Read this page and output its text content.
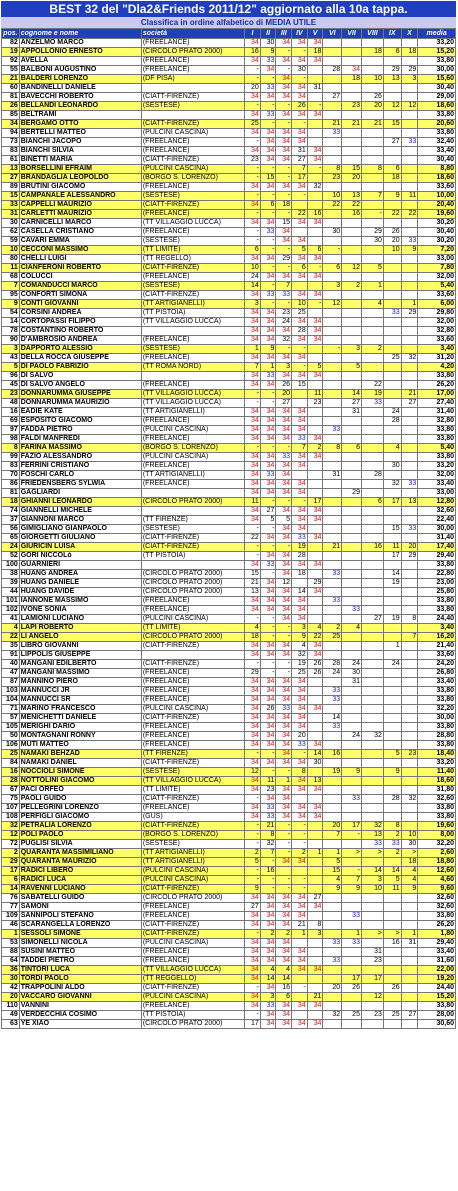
BEST 32 del "Dla2&Friends 2011/12" aggiornato alla 10a tappa.
Classifica in ordine alfabetico di MEDIA UTILE
pos.	cognome e nome	società	I	II	III	IV	V	VI	VII	VIII	IX	X	media
82	ANZELMO MARCO	(FREELANCE)	34	30	34	34	34						33,20
19	APPOLLONIO ERNESTO	(CIRCOLO PRATO 2000)	16	9	-	-	18			18	6	18	15,20
92	AVELLA	(FREELANCE)	34	33	34	34	34						33,80
55	BALBONI AUGUSTINO	(FREELANCE)	-	34	-	30		28	34		29	29	30,00
21	BALDERI LORENZO	(DF PISA)	-	-	34	-			18	10	13	3	15,60
60	BANDINELLI DANIELE		20	33	34	34	31						30,40
81	BAVECCHI ROBERTO	(CIATT-FIRENZE)	34	34	34	34		27		26			29,00
26	BELLANDI LEONARDO	(SESTESE)	-	-	-	26	-		23	20	12	12	18,60
85	BELTRAMI		34	33	34	34	34						33,80
34	BERGAMO OTTO	(CIATT-FIRENZE)	25	-	-	-		21	21	21	15		20,60
94	BERTELLI MATTEO	(PULCINI CASCINA)	34	34	34	34		33					33,80
73	BIANCHI JACOPO	(FREELANCE)	-	34	34	34					27	33	32,40
83	BIANCHI SILVIA	(FREELANCE)	34	34	34	31	34						33,40
61	BINETTI MARIA	(CIATT-FIRENZE)	23	34	34	27	34						30,40
13	BORSELLINI EFRAIM	(PULCINI CASCINA)	-	-	-	7	-	8	15	8	6		8,80
27	BRANDAGLIA LEOPOLDO	(BORGO S. LORENZO)	-	15	-	17		23	20		18		18,60
89	BRUTINI GIACOMO	(FREELANCE)	34	34	34	34	32						33,60
15	CAMPANALE ALESSANDRO	(SESTESE)	-	-	-	-		10	13	7	9	11	10,00
33	CAPPELLI MAURIZIO	(CIATT-FIRENZE)	34	6	18			22	22				20,40
31	CARLETTI MAURIZIO	(FREELANCE)	-	-	-	22	16		16	-	22	22	19,60
30	CARNICELLI MARCO	(TT VILLAGGIO LUCCA)	34	34	15	34	34						30,20
62	CASELLA CRISTIANO	(FREELANCE)	-	33	34			30		29	26		30,40
59	CAVARI EMMA	(SESTESE)	-	-	34	34				30	20	33	30,20
10	CECCONI MASSIMO	(TT LIMITE)	6	-	-	5	6	-			10	9	7,20
80	CHELLI LUIGI	(TT REGELLO)	34	34	29	34	34						33,00
11	CIANFERONI ROBERTO	(CIATT-FIRENZE)	10	-	-	6	-	6	12	5			7,80
68	COLUCCI	(FREELANCE)	24	34	34	34	34						32,00
7	COMANDUCCI MARCO	(SESTESE)	14	-	7			3	2	1			5,40
95	CONFORTI SIMONA	(CIATT-FIRENZE)	34	33	33	34	34						33,60
9	CONTI GIOVANNI	(TT ARTIGIANELLI)	3	-	-	10	-	12		4		1	6,00
54	CORSINI ANDREA	(TT PISTOIA)	34	34	23	25					33	29	29,80
14	CORTOPASSI FILIPPO	(TT VILLAGGIO LUCCA)	34	34	24	34	34						32,00
78	COSTANTINO ROBERTO		34	34	34	28	34						32,80
90	D'AMBROSIO ANDREA	(FREELANCE)	34	34	32	34	34						33,60
3	DAPPORTO ALESSIO	(SESTESE)	1	9	-	-		-	3	2			3,40
43	DELLA ROCCA GIUSEPPE	(FREELANCE)	34	34	34	34					25	32	31,20
5	DI PAOLO FABRIZIO	(TT ROMA NORD)	7	1	3	-	5		5				4,20
96	DI SALVO		34	33	34	34	34						33,80
45	DI SALVO ANGELO	(FREELANCE)	34	34	26	15				22			26,20
23	DONNARUMMA GIUSEPPE	(TT VILLAGGIO LUCCA)	-	-	20		11		14	19		21	17,00
48	DONNARUMMA MAURIZIO	(TT VILLAGGIO LUCCA)	-	-	27		23		27	33		27	27,40
16	EADIE KATE	(TT ARTIGIANELLI)	34	34	34	34			31		24		31,40
69	ESPOSITO GIACOMO	(FREELANCE)	34	34	34	34					28		32,80
97	FADDA PIETRO	(PULCINI CASCINA)	34	34	34	34		33					33,80
98	FALDI MANFREDI	(FREELANCE)	34	34	34	33	34						33,80
8	FARINA MASSIMO	(BORGO S. LORENZO)	-	-	-	7	2	8	6		4		5,40
99	FAZIO ALESSANDRO	(PULCINI CASCINA)	34	34	33	34	34						33,80
83	FERRINI CRISTIANO	(FREELANCE)	34	34	34	34					30		33,20
70	FOSCHI CARLO	(TT ARTIGIANELLI)	34	33	34			31		28			32,00
86	FRIEDENSBERG SYLWIA	(FREELANCE)	34	34	34	34					32	33	33,40
81	GAGLIARDI		34	34	34	34			29				33,00
18	GHIANNI LEONARDO	(CIRCOLO PRATO 2000)	11	-	-	-	17			6	17	13	12,80
74	GIANNELLI MICHELE		34	27	34	34	34						32,60
37	GIANNONI MARCO	(TT FIRENZE)	34	5	5	34	34						22,40
56	GIMIGLIANO GIANPAOLO	(SESTESE)	-	-	34	34					15	33	30,00
65	GIORGETTI GIULIANO	(CIATT-FIRENZE)	22	34	34	33	34						31,40
24	GIURICIN LUISA	(CIATT-FIRENZE)	-	-	-	19		21		16	11	20	17,40
52	GORI NICCOLò	(TT PISTOIA)	-	34	34	28					17	29	29,40
100	GUARNIERI		34	33	34	34	34						33,80
38	HUANG ANDREA	(CIRCOLO PRATO 2000)	15	-	34	18		33			14		22,80
39	HUANG DANIELE	(CIRCOLO PRATO 2000)	21	34	12		29				19		23,00
44	HUANG DAVIDE	(CIRCOLO PRATO 2000)	13	34	34	14	34						25,80
101	IANNONE MASSIMO	(FREELANCE)	34	34	34	34		33					33,80
102	IVONE SONIA	(FREELANCE)	34	34	34	34			33				33,80
41	LAMIONI LUCIANO	(PULCINI CASCINA)	-	-	34	34				27	19	8	24,40
4	LAPI ROBERTO	(TT LIMITE)	4	-	-	3	4	2	4				3,40
22	LI ANGELO	(CIRCOLO PRATO 2000)	18	-	-	9	22	25				7	16,20
35	LIBRO GIOVANNI	(CIATT-FIRENZE)	34	34	34	4	34				1		21,40
91	LIPPOLIS GIUSEPPE		34	34	34	32	34						33,60
40	MANGANI EDILBERTO	(CIATT-FIRENZE)	-	-	-	19	26	28	24		24		24,20
47	MANGANI MASSIMO	(FREELANCE)	29	-	-	25	26	24	30				26,80
87	MANNINO PIERO	(FREELANCE)	34	34	34	34			31				33,40
103	MANNUCCI JR	(FREELANCE)	34	34	34	34		33					33,80
104	MANNUCCI SR	(FREELANCE)	34	34	34	34		33					33,80
71	MARINO FRANCESCO	(PULCINI CASCINA)	34	26	33	34	34						32,20
57	MENICHETTI DANIELE	(CIATT-FIRENZE)	34	34	34	34		14					30,00
105	MERIGHI DARIO	(FREELANCE)	34	34	34	34		33					33,80
50	MONTAGNANI RONNY	(FREELANCE)	34	34	34	20			24	32			28,80
106	MUTI MATTEO	(FREELANCE)	34	34	34	33	34						33,80
25	NAMAKI BEHZAD	(TT FIRENZE)	-	-	34	-	14	16			5	23	18,40
84	NAMAKI DANIEL	(CIATT-FIRENZE)	34	34	34	34	30						33,20
16	NOCCIOLI SIMONE	(SESTESE)	12	-	-	8		19	9		9		11,40
28	NOTTOLINI GIACOMO	(TT VILLAGGIO LUCCA)	34	11	1	34	13						18,60
67	PACI ORFEO	(TT LIMITE)	34	23	34	34	34						31,80
75	PAOLI GUIDO	(CIATT-FIRENZE)	-	34	34				33		28	32	32,60
107	PELLEGRINI LORENZO	(FREELANCE)	34	33	34	34	34						33,80
108	PERFIGLI GIACOMO	(GUS)	34	33	34	34	34						33,80
32	PETRALIA LORENZO	(CIATT-FIRENZE)	-	21	-	-		20	17	32	8		19,60
12	POLI PAOLO	(BORGO S. LORENZO)	-	8	-	-		7	-	13	2	10	8,00
72	PUGLISI SILVIA	(SESTESE)	-	32	-	-				33	33	30	32,20
2	QUARANTA MASSIMILIANO	(TT ARTIGIANELLI)	2	7	-	2	1	1	>	>	2	>	2,60
29	QUARANTA MAURIZIO	(TT ARTIGIANELLI)	5	-	34	34		5				18	18,80
17	RADICI LIBERO	(PULCINI CASCINA)	-	16				15	-	14	14	4	12,60
6	RADICI LUCA	(PULCINI CASCINA)	-	-	-	-		4	7	3	5	4	4,60
14	RAVENNI LUCIANO	(CIATT-FIRENZE)	9	-	-	-		9	9	10	11	9	9,60
76	SABATELLI GUIDO	(CIRCOLO PRATO 2000)	34	34	34	34	27						32,60
77	SAMONI	(FREELANCE)	27	34	34	34	34						32,60
109	SANNIPOLI STEFANO	(FREELANCE)	34	34	34	34			33				33,80
46	SCARANGELLA LORENZO	(CIATT-FIRENZE)	34	34	34	21	8						26,20
1	SESSOLI SIMONE	(CIATT-FIRENZE)	-	2	2	1	3		1	>	>	1	1,80
53	SIMONELLI NICOLA	(PULCINI CASCINA)	34	34	34			33	33		16	31	29,40
88	SUSINI MATTEO	(FREELANCE)	34	34	34	34				31			33,40
64	TADDEI PIETRO	(FREELANCE)	34	34	34	34		33		23			31,60
36	TINTORI LUCA	(TT VILLAGGIO LUCCA)	34	4	4	34	34						22,00
30	TORDI PAOLO	(TT REGGELLO)	34	14	14				17	17			19,20
42	TRAPPOLINI ALDO	(CIATT-FIRENZE)	-	34	16	-		20	26		26		24,40
20	VACCARO GIOVANNI	(PULCINI CASCINA)	34	3	6		21			12			15,20
110	VANNINI	(FREELANCE)	34	33	34	34	34						33,80
49	VERDECCHIA COSIMO	(TT PISTOIA)	-	34	34			32	25	23	25	27	28,00
63	YE XIAO	(CIRCOLO PRATO 2000)	17	34	34	34	34						30,60
